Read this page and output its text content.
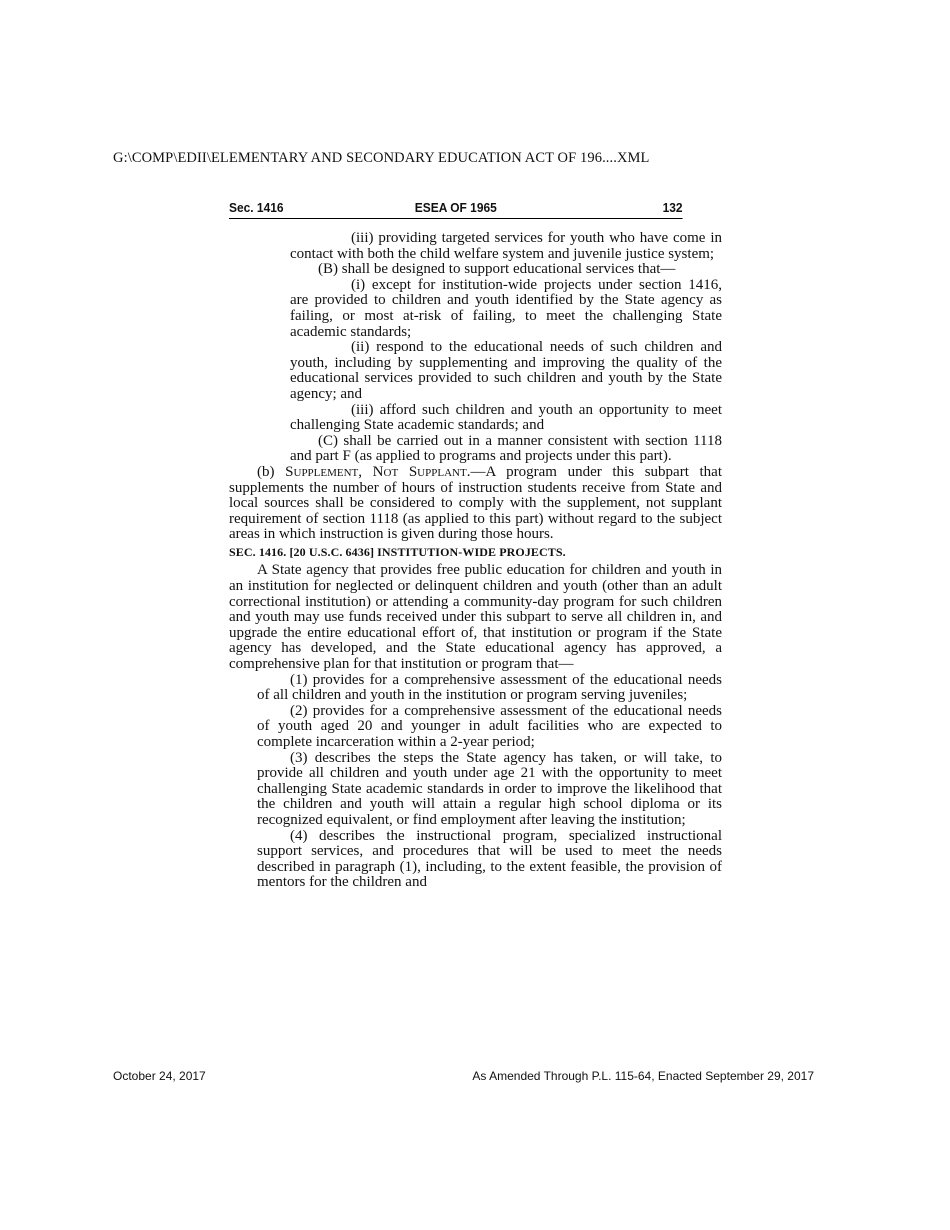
G:\COMP\EDII\ELEMENTARY AND SECONDARY EDUCATION ACT OF 196....XML
Sec. 1416	ESEA OF 1965	132

(iii) providing targeted services for youth who have come in contact with both the child welfare system and juvenile justice system;

(B) shall be designed to support educational services that—

(i) except for institution-wide projects under section 1416, are provided to children and youth identified by the State agency as failing, or most at-risk of failing, to meet the challenging State academic standards;

(ii) respond to the educational needs of such children and youth, including by supplementing and improving the quality of the educational services provided to such children and youth by the State agency; and

(iii) afford such children and youth an opportunity to meet challenging State academic standards; and

(C) shall be carried out in a manner consistent with section 1118 and part F (as applied to programs and projects under this part).

(b) Supplement, Not Supplant.—A program under this subpart that supplements the number of hours of instruction students receive from State and local sources shall be considered to comply with the supplement, not supplant requirement of section 1118 (as applied to this part) without regard to the subject areas in which instruction is given during those hours.

SEC. 1416. [20 U.S.C. 6436] INSTITUTION-WIDE PROJECTS.

A State agency that provides free public education for children and youth in an institution for neglected or delinquent children and youth (other than an adult correctional institution) or attending a community-day program for such children and youth may use funds received under this subpart to serve all children in, and upgrade the entire educational effort of, that institution or program if the State agency has developed, and the State educational agency has approved, a comprehensive plan for that institution or program that—

(1) provides for a comprehensive assessment of the educational needs of all children and youth in the institution or program serving juveniles;

(2) provides for a comprehensive assessment of the educational needs of youth aged 20 and younger in adult facilities who are expected to complete incarceration within a 2-year period;

(3) describes the steps the State agency has taken, or will take, to provide all children and youth under age 21 with the opportunity to meet challenging State academic standards in order to improve the likelihood that the children and youth will attain a regular high school diploma or its recognized equivalent, or find employment after leaving the institution;

(4) describes the instructional program, specialized instructional support services, and procedures that will be used to meet the needs described in paragraph (1), including, to the extent feasible, the provision of mentors for the children and

October 24, 2017	As Amended Through P.L. 115-64, Enacted September 29, 2017
